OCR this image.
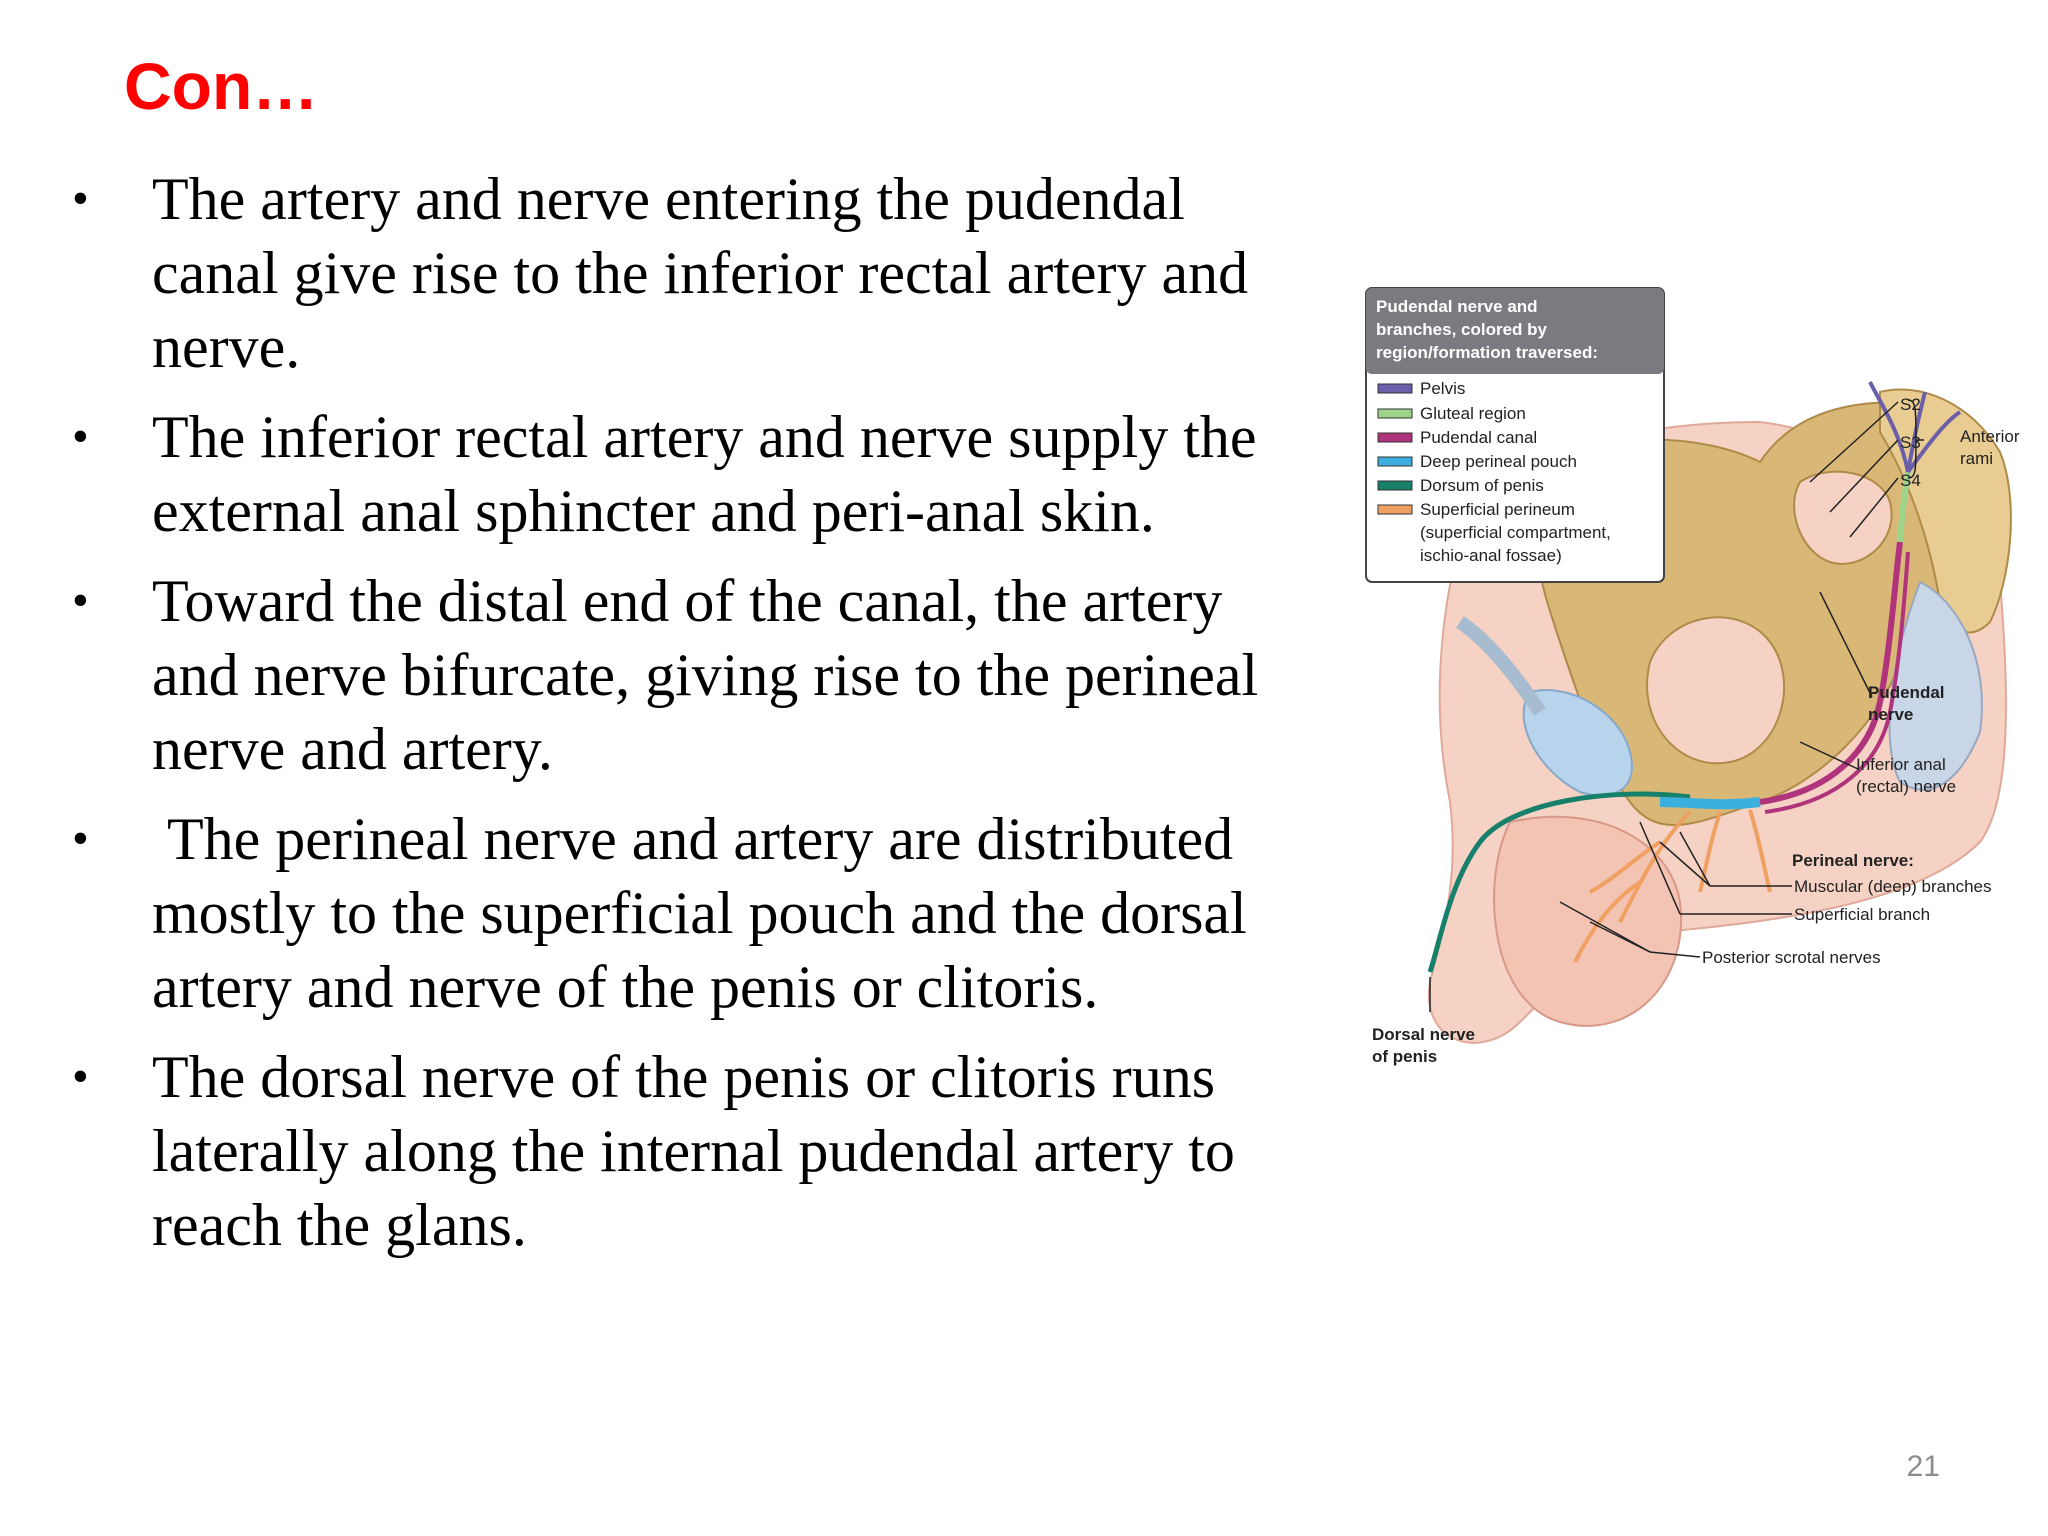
Con…
• The artery and nerve entering the pudendal canal give rise to the inferior rectal artery and nerve.
• The inferior rectal artery and nerve supply the external anal sphincter and peri-anal skin.
• Toward the distal end of the canal, the artery and nerve bifurcate, giving rise to the perineal nerve and artery.
• The perineal nerve and artery are distributed mostly to the superficial pouch and the dorsal artery and nerve of the penis or clitoris.
• The dorsal nerve of the penis or clitoris runs laterally along the internal pudendal artery to reach the glans.
Pudendal nerve and
branches, colored by
region/formation traversed:
Pelvis
Gluteal region
Pudendal canal
Deep perineal pouch
Dorsum of penis
Superficial perineum
(superficial compartment,
ischio-anal fossae)
S2
S3
S4
Anterior
rami
Pudendal
nerve
Inferior anal
(rectal) nerve
Perineal nerve:
Muscular (deep) branches
Superficial branch
Posterior scrotal nerves
Dorsal nerve
of penis
21
